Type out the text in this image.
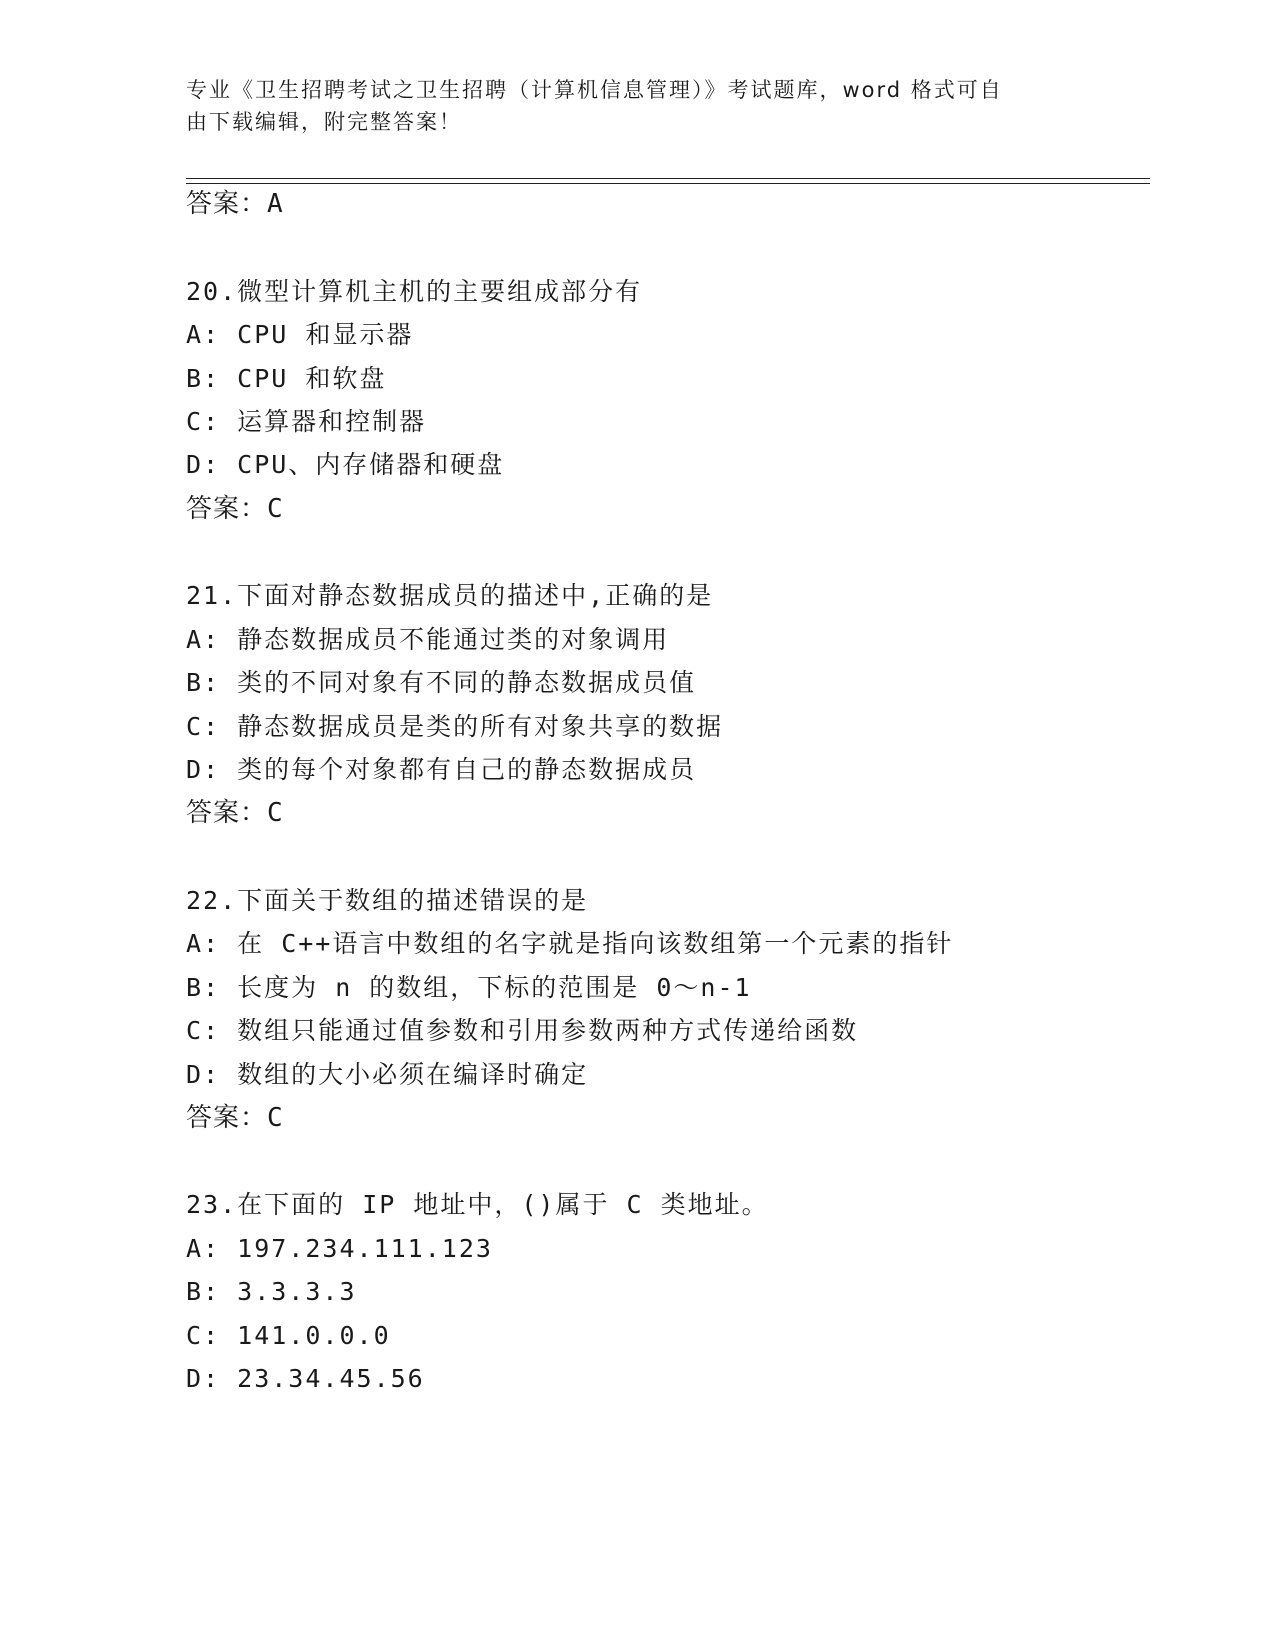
专业《卫生招聘考试之卫生招聘（计算机信息管理）》考试题库，word 格式可自

由下载编辑，附完整答案！

答案：A
20.微型计算机主机的主要组成部分有
A: CPU 和显示器
B: CPU 和软盘
C: 运算器和控制器
D: CPU、内存储器和硬盘
答案：C
21.下面对静态数据成员的描述中,正确的是
A: 静态数据成员不能通过类的对象调用
B: 类的不同对象有不同的静态数据成员值
C: 静态数据成员是类的所有对象共享的数据
D: 类的每个对象都有自己的静态数据成员
答案：C
22.下面关于数组的描述错误的是
A: 在 C++语言中数组的名字就是指向该数组第一个元素的指针
B: 长度为 n 的数组，下标的范围是 0～n-1
C: 数组只能通过值参数和引用参数两种方式传递给函数
D: 数组的大小必须在编译时确定
答案：C
23.在下面的 IP 地址中，()属于 C 类地址。
A: 197.234.111.123
B: 3.3.3.3
C: 141.0.0.0
D: 23.34.45.56
